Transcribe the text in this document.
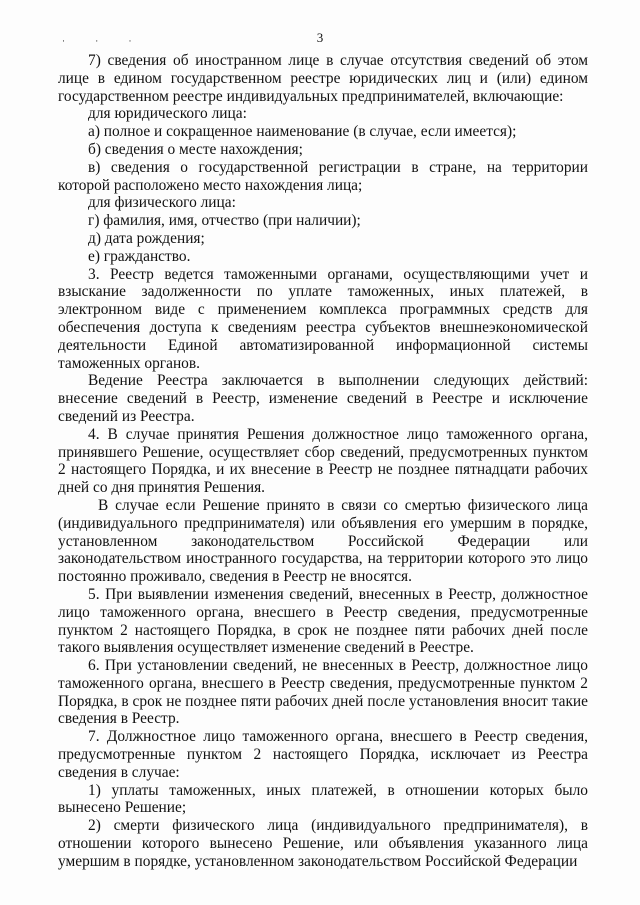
· · ·	3

7) сведения об иностранном лице в случае отсутствия сведений об этом лице в едином государственном реестре юридических лиц и (или) едином государственном реестре индивидуальных предпринимателей, включающие:

для юридического лица:

а) полное и сокращенное наименование (в случае, если имеется);

б) сведения о месте нахождения;

в) сведения о государственной регистрации в стране, на территории которой расположено место нахождения лица;

для физического лица:

г) фамилия, имя, отчество (при наличии);

д) дата рождения;

е) гражданство.

3. Реестр ведется таможенными органами, осуществляющими учет и взыскание задолженности по уплате таможенных, иных платежей, в электронном виде с применением комплекса программных средств для обеспечения доступа к сведениям реестра субъектов внешнеэкономической деятельности Единой автоматизированной информационной системы таможенных органов.

Ведение Реестра заключается в выполнении следующих действий: внесение сведений в Реестр, изменение сведений в Реестре и исключение сведений из Реестра.

4. В случае принятия Решения должностное лицо таможенного органа, принявшего Решение, осуществляет сбор сведений, предусмотренных пунктом 2 настоящего Порядка, и их внесение в Реестр не позднее пятнадцати рабочих дней со дня принятия Решения.

В случае если Решение принято в связи со смертью физического лица (индивидуального предпринимателя) или объявления его умершим в порядке, установленном законодательством Российской Федерации или законодательством иностранного государства, на территории которого это лицо постоянно проживало, сведения в Реестр не вносятся.

5. При выявлении изменения сведений, внесенных в Реестр, должностное лицо таможенного органа, внесшего в Реестр сведения, предусмотренные пунктом 2 настоящего Порядка, в срок не позднее пяти рабочих дней после такого выявления осуществляет изменение сведений в Реестре.

6. При установлении сведений, не внесенных в Реестр, должностное лицо таможенного органа, внесшего в Реестр сведения, предусмотренные пунктом 2 Порядка, в срок не позднее пяти рабочих дней после установления вносит такие сведения в Реестр.

7. Должностное лицо таможенного органа, внесшего в Реестр сведения, предусмотренные пунктом 2 настоящего Порядка, исключает из Реестра сведения в случае:

1) уплаты таможенных, иных платежей, в отношении которых было вынесено Решение;

2) смерти физического лица (индивидуального предпринимателя), в отношении которого вынесено Решение, или объявления указанного лица умершим в порядке, установленном законодательством Российской Федерации
